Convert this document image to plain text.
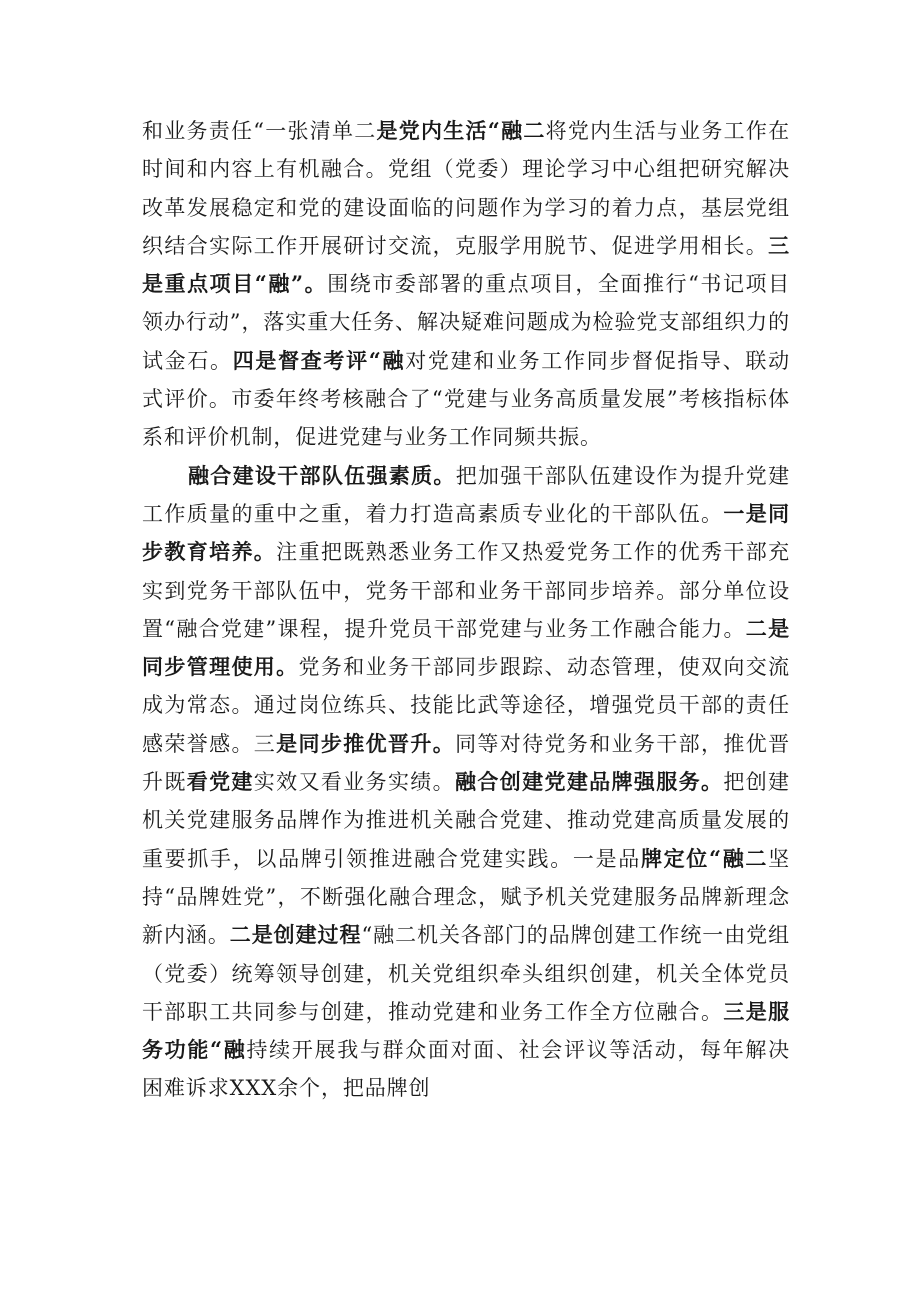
和业务责任“一张清单二是党内生活“融二将党内生活与业务工作在时间和内容上有机融合。党组（党委）理论学习中心组把研究解决改革发展稳定和党的建设面临的问题作为学习的着力点，基层党组织结合实际工作开展研讨交流，克服学用脱节、促进学用相长。三是重点项目“融”。围绕市委部署的重点项目，全面推行“书记项目领办行动”，落实重大任务、解决疑难问题成为检验党支部组织力的试金石。四是督查考评“融对党建和业务工作同步督促指导、联动式评价。市委年终考核融合了“党建与业务高质量发展”考核指标体系和评价机制，促进党建与业务工作同频共振。

融合建设干部队伍强素质。把加强干部队伍建设作为提升党建工作质量的重中之重，着力打造高素质专业化的干部队伍。一是同步教育培养。注重把既熟悉业务工作又热爱党务工作的优秀干部充实到党务干部队伍中，党务干部和业务干部同步培养。部分单位设置“融合党建”课程，提升党员干部党建与业务工作融合能力。二是同步管理使用。党务和业务干部同步跟踪、动态管理，使双向交流成为常态。通过岗位练兵、技能比武等途径，增强党员干部的责任感荣誉感。三是同步推优晋升。同等对待党务和业务干部，推优晋升既看党建实效又看业务实绩。融合创建党建品牌强服务。把创建机关党建服务品牌作为推进机关融合党建、推动党建高质量发展的重要抓手，以品牌引领推进融合党建实践。一是品牌定位“融二坚持“品牌姓党”，不断强化融合理念，赋予机关党建服务品牌新理念新内涵。二是创建过程“融二机关各部门的品牌创建工作统一由党组（党委）统筹领导创建，机关党组织牵头组织创建，机关全体党员干部职工共同参与创建，推动党建和业务工作全方位融合。三是服务功能“融持续开展我与群众面对面、社会评议等活动，每年解决困难诉求XXX余个，把品牌创
